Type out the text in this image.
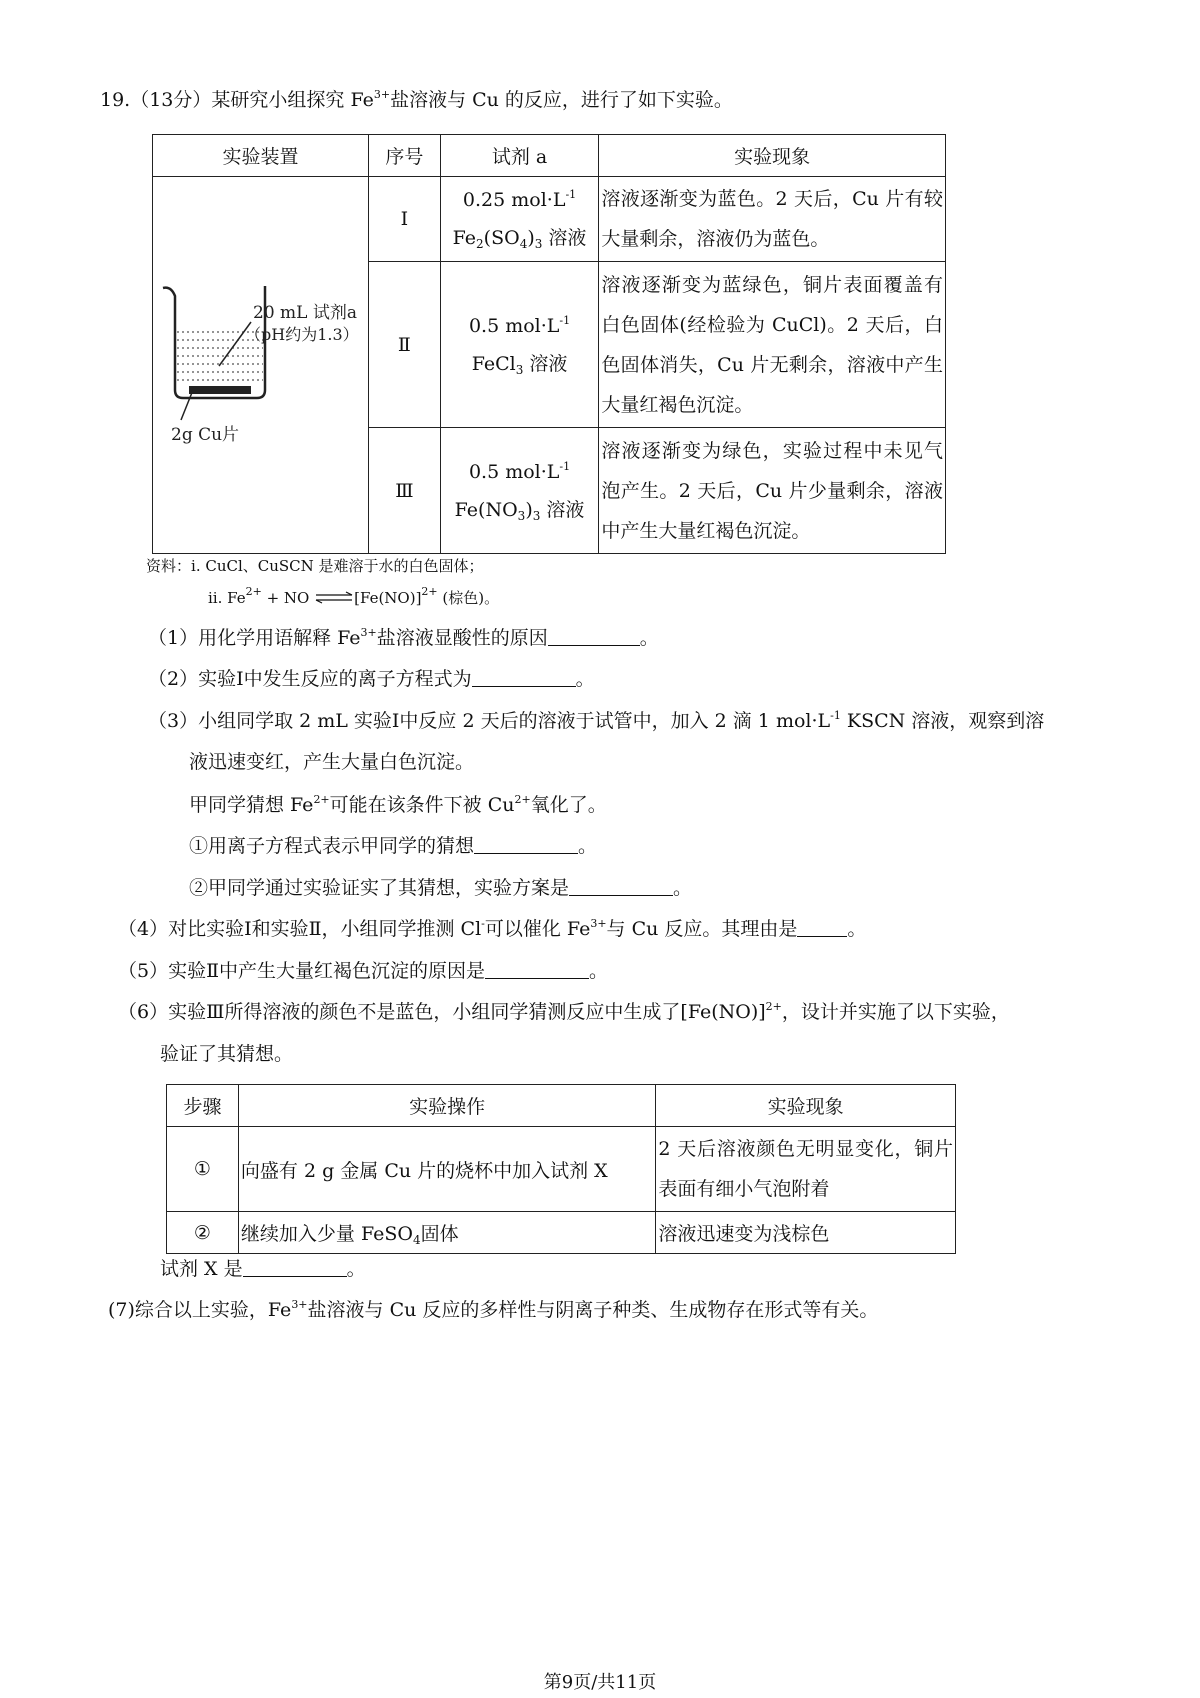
19.（13分）某研究小组探究 $Fe^{3+}$盐溶液与 Cu 的反应，进行了如下实验。
实验装置	序号	试剂 a	实验现象

20 mL 试剂a
（pH约为1.3）
2g Cu片	Ⅰ	0.25 $mol\cdot L^{-1}$
$Fe_2(SO_4)_3$ 溶液	溶液逐渐变为蓝色。2 天后，Cu 片有较大量剩余，溶液仍为蓝色。
	Ⅱ	0.5 $mol\cdot L^{-1}$
FeCl$_3$ 溶液	溶液逐渐变为蓝绿色，铜片表面覆盖有白色固体(经检验为 CuCl)。2 天后，白色固体消失，Cu 片无剩余，溶液中产生大量红褐色沉淀。
	Ⅲ	0.5 $mol\cdot L^{-1}$
$Fe(NO_3)_3$ 溶液	溶液逐渐变为绿色，实验过程中未见气泡产生。2 天后，Cu 片少量剩余，溶液中产生大量红褐色沉淀。
资料：ⅰ. CuCl、CuSCN 是难溶于水的白色固体；
ⅱ. $Fe^{2+}$ + NO $\rightleftharpoons[Fe(NO)]^{2+}$ (棕色)。
（1）用化学用语解释 $Fe^{3+}$盐溶液显酸性的原因	。
（2）实验Ⅰ中发生反应的离子方程式为	。
（3）小组同学取 2 mL 实验Ⅰ中反应 2 天后的溶液于试管中，加入 2 滴 1 $mol\cdot L^{-1}$ KSCN 溶液，观察到溶
液迅速变红，产生大量白色沉淀。
甲同学猜想 $Fe^{2+}$可能在该条件下被 $Cu^{2+}$氧化了。
①用离子方程式表示甲同学的猜想	。
②甲同学通过实验证实了其猜想，实验方案是	。
（4）对比实验Ⅰ和实验Ⅱ，小组同学推测 Cl-可以催化 $Fe^{3+}$与 Cu 反应。其理由是	。
（5）实验Ⅱ中产生大量红褐色沉淀的原因是	。
（6）实验Ⅲ所得溶液的颜色不是蓝色，小组同学猜测反应中生成了$[Fe(NO)]^{2+}$，设计并实施了以下实验，
验证了其猜想。
步骤	实验操作	实验现象
①	向盛有 2 g 金属 Cu 片的烧杯中加入试剂 X	2 天后溶液颜色无明显变化，铜片表面有细小气泡附着
②	继续加入少量 FeSO$_4$固体	溶液迅速变为浅棕色
试剂 X 是	。
(7)综合以上实验，$Fe^{3+}$盐溶液与 Cu 反应的多样性与阴离子种类、生成物存在形式等有关。
第9页/共11页
